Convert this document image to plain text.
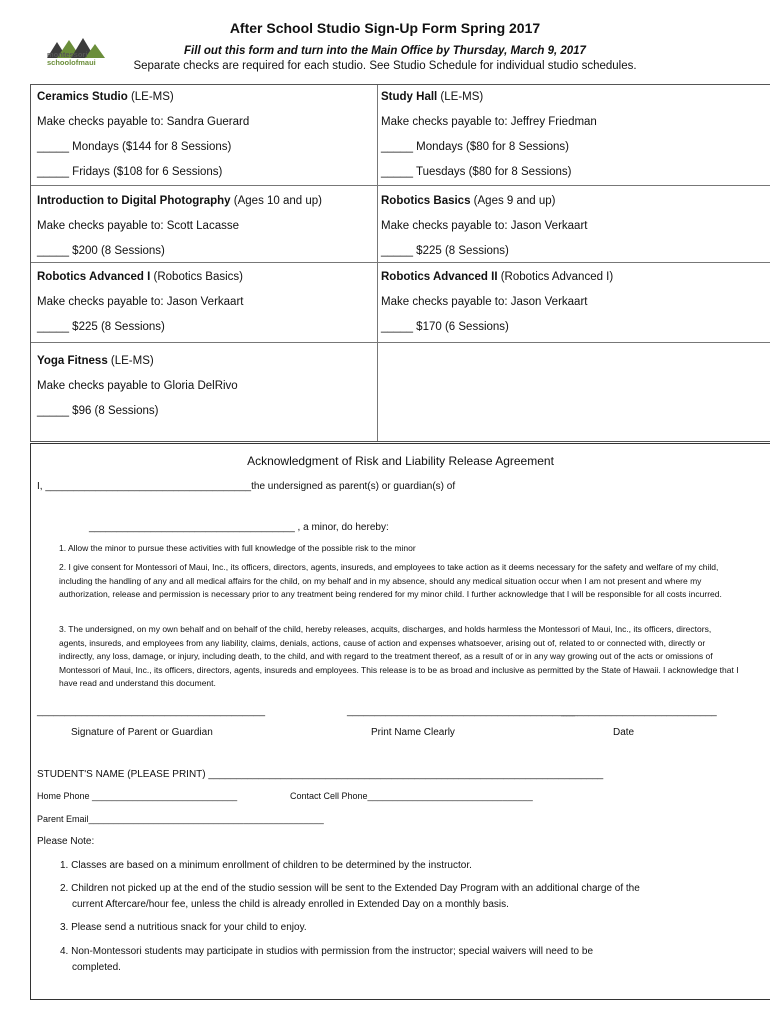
montessori
schoolofmaui
After School Studio Sign-Up Form Spring 2017
Fill out this form and turn into the Main Office by Thursday, March 9, 2017
Separate checks are required for each studio. See Studio Schedule for individual studio schedules.
Ceramics Studio (LE-MS)
Make checks payable to: Sandra Guerard
_____ Mondays ($144 for 8 Sessions)
_____ Fridays ($108 for 6 Sessions)
Study Hall (LE-MS)
Make checks payable to: Jeffrey Friedman
_____ Mondays ($80 for 8 Sessions)
_____ Tuesdays ($80 for 8 Sessions)
Introduction to Digital Photography (Ages 10 and up)
Make checks payable to: Scott Lacasse
_____ $200 (8 Sessions)
Robotics Basics (Ages 9 and up)
Make checks payable to: Jason Verkaart
_____ $225 (8 Sessions)
Robotics Advanced I (Robotics Basics)
Make checks payable to: Jason Verkaart
_____ $225 (8 Sessions)
Robotics Advanced II (Robotics Advanced I)
Make checks payable to: Jason Verkaart
_____ $170 (6 Sessions)
Yoga Fitness (LE-MS)
Make checks payable to Gloria DelRivo
_____ $96 (8 Sessions)
Acknowledgment of Risk and Liability Release Agreement
I, _____________________________________the undersigned as parent(s) or guardian(s) of
_____________________________________ , a minor, do hereby:
1. Allow the minor to pursue these activities with full knowledge of the possible risk to the minor
2. I give consent for Montessori of Maui, Inc., its officers, directors, agents, insureds, and employees to take action as it deems necessary for the safety and welfare of my child, including the handling of any and all medical affairs for the child, on my behalf and in my absence, should any medical situation occur when I am not present and where my authorization, release and permission is necessary prior to any treatment being rendered for my minor child. I further acknowledge that I will be responsible for all costs incurred.
3. The undersigned, on my own behalf and on behalf of the child, hereby releases, acquits, discharges, and holds harmless the Montessori of Maui, Inc., its officers, directors, agents, insureds, and employees from any liability, claims, denials, actions, cause of action and expenses whatsoever, arising out of, related to or connected with, directly or indirectly, any loss, damage, or injury, including death, to the child, and with regard to the treatment thereof, as a result of or in any way growing out of the acts or omissions of Montessori of Maui, Inc., its officers, directors, agents, insureds and employees. This release is to be as broad and inclusive as permitted by the State of Hawaii. I acknowledge that I have read and understand this document.
_________________________________________	_________________________________________
____________________________
Signature of Parent or Guardian	Print Name Clearly	Date
STUDENT'S NAME (PLEASE PRINT) _______________________________________________________________________
Home Phone _____________________________	Contact Cell Phone_________________________________
Parent Email_______________________________________________
Please Note:
1. Classes are based on a minimum enrollment of children to be determined by the instructor.
2. Children not picked up at the end of the studio session will be sent to the Extended Day Program with an additional charge of the
current Aftercare/hour fee, unless the child is already enrolled in Extended Day on a monthly basis.
3. Please send a nutritious snack for your child to enjoy.
4. Non-Montessori students may participate in studios with permission from the instructor; special waivers will need to be
completed.
